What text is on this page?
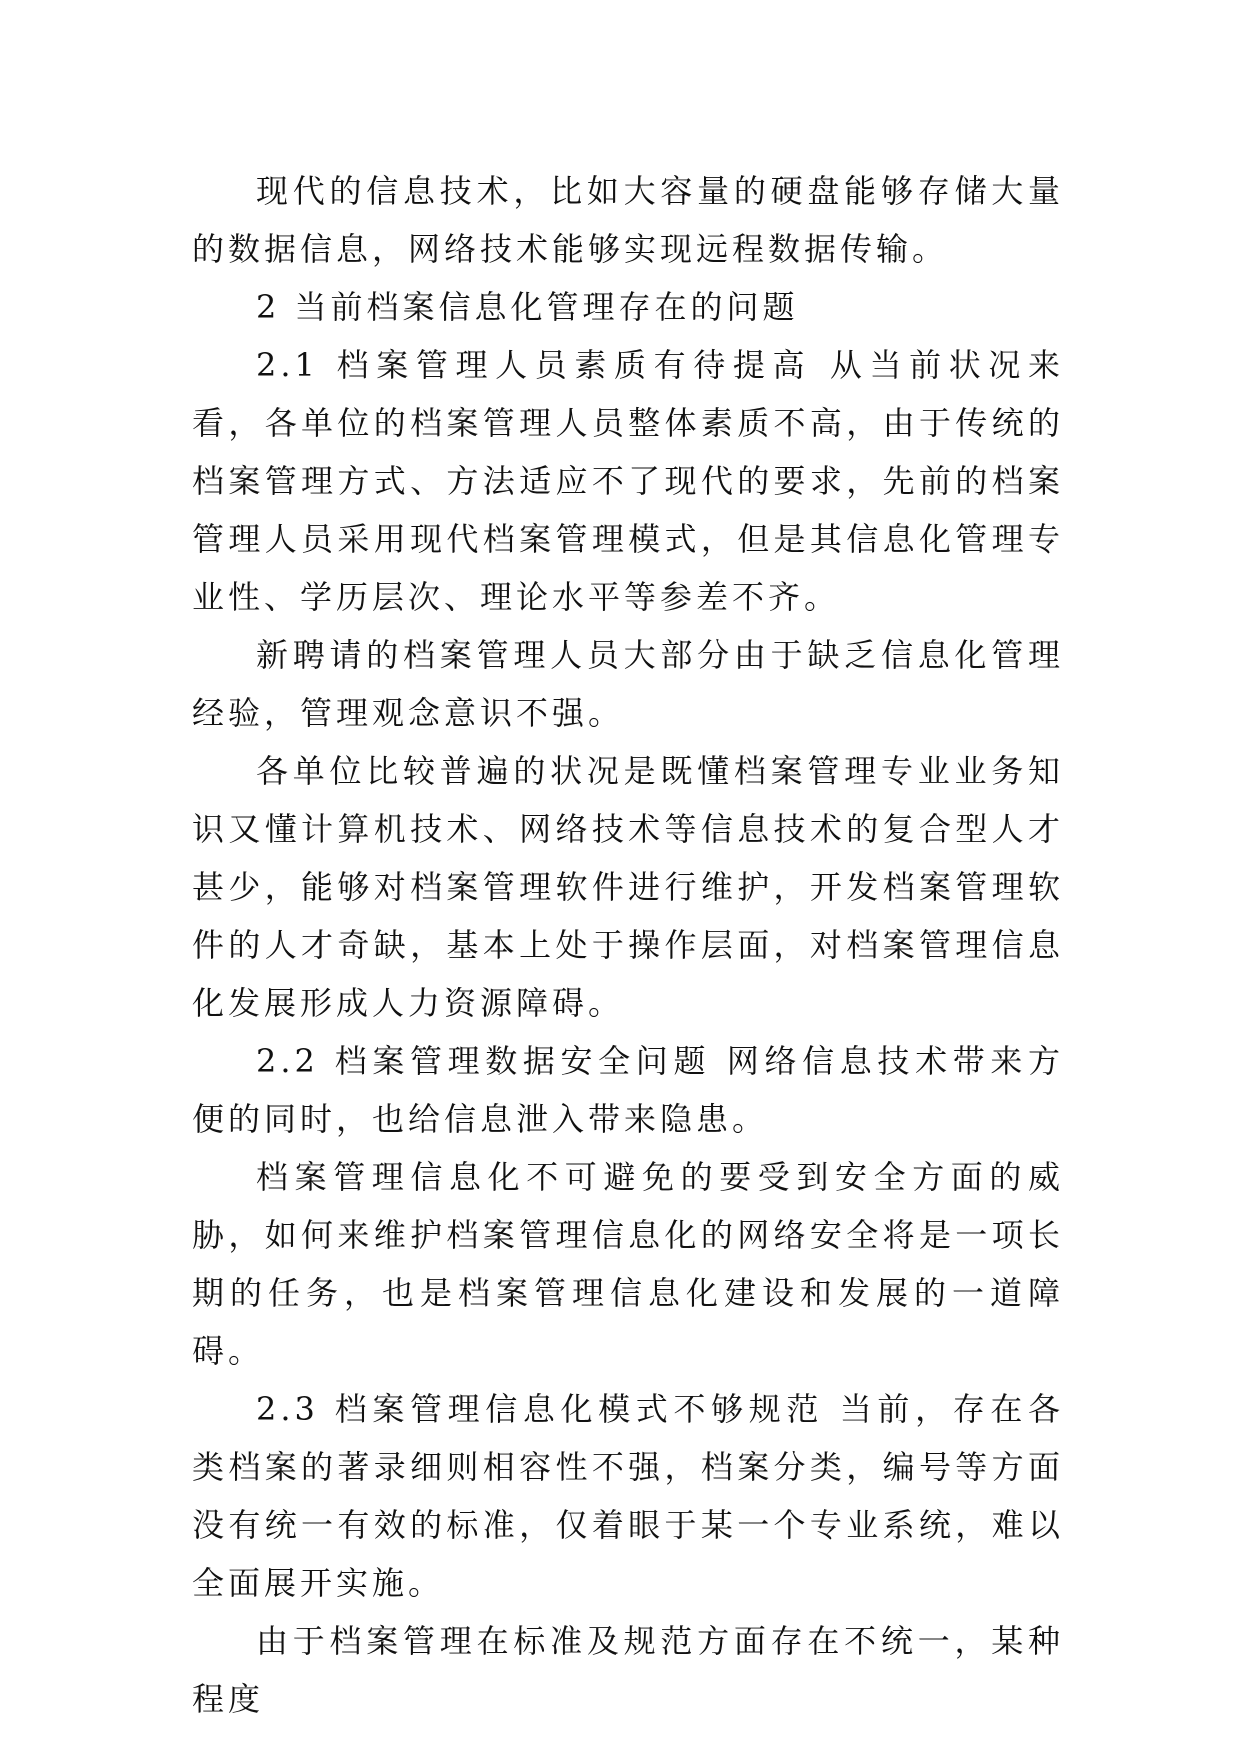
现代的信息技术，比如大容量的硬盘能够存储大量的数据信息，网络技术能够实现远程数据传输。

2 当前档案信息化管理存在的问题

2.1 档案管理人员素质有待提高 从当前状况来看，各单位的档案管理人员整体素质不高，由于传统的档案管理方式、方法适应不了现代的要求，先前的档案管理人员采用现代档案管理模式，但是其信息化管理专业性、学历层次、理论水平等参差不齐。

新聘请的档案管理人员大部分由于缺乏信息化管理经验，管理观念意识不强。

各单位比较普遍的状况是既懂档案管理专业业务知识又懂计算机技术、网络技术等信息技术的复合型人才甚少，能够对档案管理软件进行维护，开发档案管理软件的人才奇缺，基本上处于操作层面，对档案管理信息化发展形成人力资源障碍。

2.2 档案管理数据安全问题 网络信息技术带来方便的同时，也给信息泄入带来隐患。

档案管理信息化不可避免的要受到安全方面的威胁，如何来维护档案管理信息化的网络安全将是一项长期的任务，也是档案管理信息化建设和发展的一道障碍。

2.3 档案管理信息化模式不够规范 当前，存在各类档案的著录细则相容性不强，档案分类，编号等方面没有统一有效的标准，仅着眼于某一个专业系统，难以全面展开实施。

由于档案管理在标准及规范方面存在不统一，某种程度
